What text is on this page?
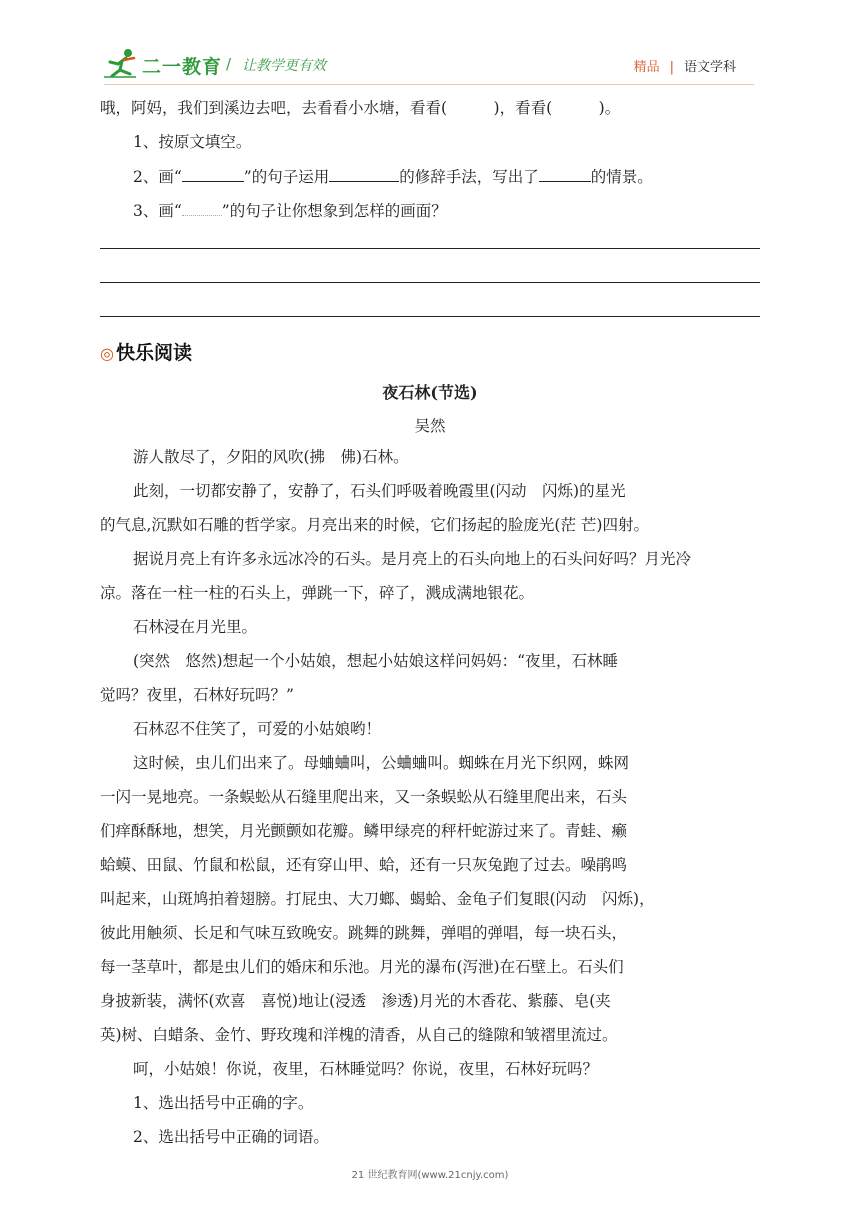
二一教育 / 让教学更有效	精品 | 语文学科
哦，阿妈，我们到溪边去吧，去看看小水塘，看看(　　　)，看看(　　　)。
1、按原文填空。
2、画“	”的句子运用	的修辞手法，写出了	的情景。
3、画“	”的句子让你想象到怎样的画面？
◎ 快乐阅读
夜石林(节选)
吴然
游人散尽了，夕阳的风吹(拂　佛)石林。
此刻，一切都安静了，安静了，石头们呼吸着晚霞里(闪动　闪烁)的星光
的气息,沉默如石雕的哲学家。月亮出来的时候，它们扬起的脸庞光(茫 芒)四射。
据说月亮上有许多永远冰冷的石头。是月亮上的石头向地上的石头问好吗？月光冷
凉。落在一柱一柱的石头上，弹跳一下，碎了，溅成满地银花。
石林浸在月光里。
(突然　悠然)想起一个小姑娘，想起小姑娘这样问妈妈：“夜里，石林睡
觉吗？夜里，石林好玩吗？”
石林忍不住笑了，可爱的小姑娘哟！
这时候，虫儿们出来了。母蛐蛐叫，公蛐蛐叫。蜘蛛在月光下织网，蛛网
一闪一晃地亮。一条蜈蚣从石缝里爬出来，又一条蜈蚣从石缝里爬出来，石头
们痒酥酥地，想笑，月光颤颤如花瓣。鳞甲绿亮的秤杆蛇游过来了。青蛙、癞
蛤蟆、田鼠、竹鼠和松鼠，还有穿山甲、蛤，还有一只灰兔跑了过去。噪鹃鸣
叫起来，山斑鸠拍着翅膀。打屁虫、大刀螂、蝎蛤、金龟子们复眼(闪动　闪烁)，
彼此用触须、长足和气味互致晚安。跳舞的跳舞，弹唱的弹唱，每一块石头，
每一茎草叶，都是虫儿们的婚床和乐池。月光的瀑布(泻泄)在石壁上。石头们
身披新装，满怀(欢喜　喜悦)地让(浸透　渗透)月光的木香花、紫藤、皂(夹
英)树、白蜡条、金竹、野玫瑰和洋槐的清香，从自己的缝隙和皱褶里流过。
呵，小姑娘！你说，夜里，石林睡觉吗？你说，夜里，石林好玩吗？
1、选出括号中正确的字。
2、选出括号中正确的词语。
21 世纪教育网(www.21cnjy.com)
